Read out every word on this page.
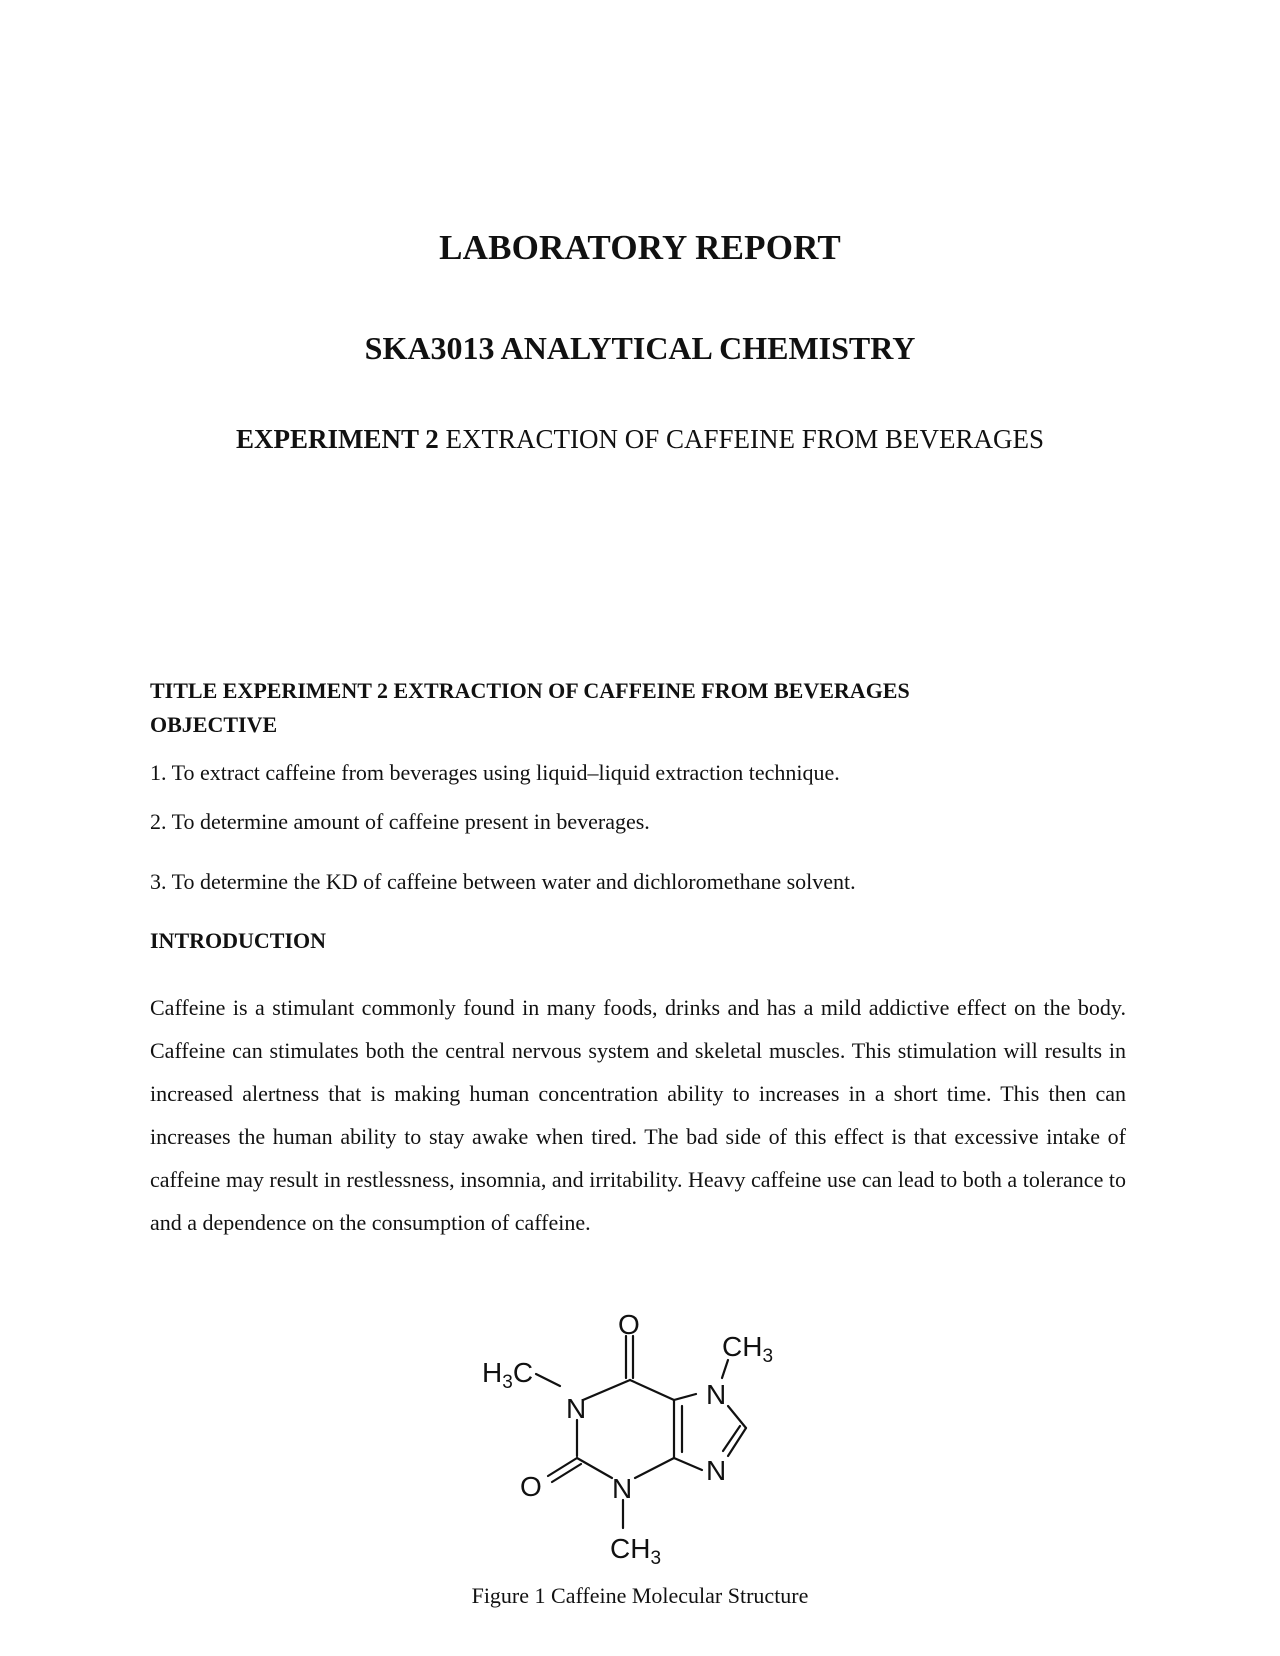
LABORATORY REPORT
SKA3013 ANALYTICAL CHEMISTRY
EXPERIMENT 2 EXTRACTION OF CAFFEINE FROM BEVERAGES
TITLE EXPERIMENT 2 EXTRACTION OF CAFFEINE FROM BEVERAGES
OBJECTIVE
1. To extract caffeine from beverages using liquid–liquid extraction technique.
2. To determine amount of caffeine present in beverages.
3. To determine the KD of caffeine between water and dichloromethane solvent.
INTRODUCTION
Caffeine is a stimulant commonly found in many foods, drinks and has a mild addictive effect on the body. Caffeine can stimulates both the central nervous system and skeletal muscles. This stimulation will results in increased alertness that is making human concentration ability to increases in a short time. This then can increases the human ability to stay awake when tired. The bad side of this effect is that excessive intake of caffeine may result in restlessness, insomnia, and irritability. Heavy caffeine use can lead to both a tolerance to and a dependence on the consumption of caffeine.
O
$CH_3$
$H_3C$
N	N
N
N
O
$CH_3$
Figure 1 Caffeine Molecular Structure
